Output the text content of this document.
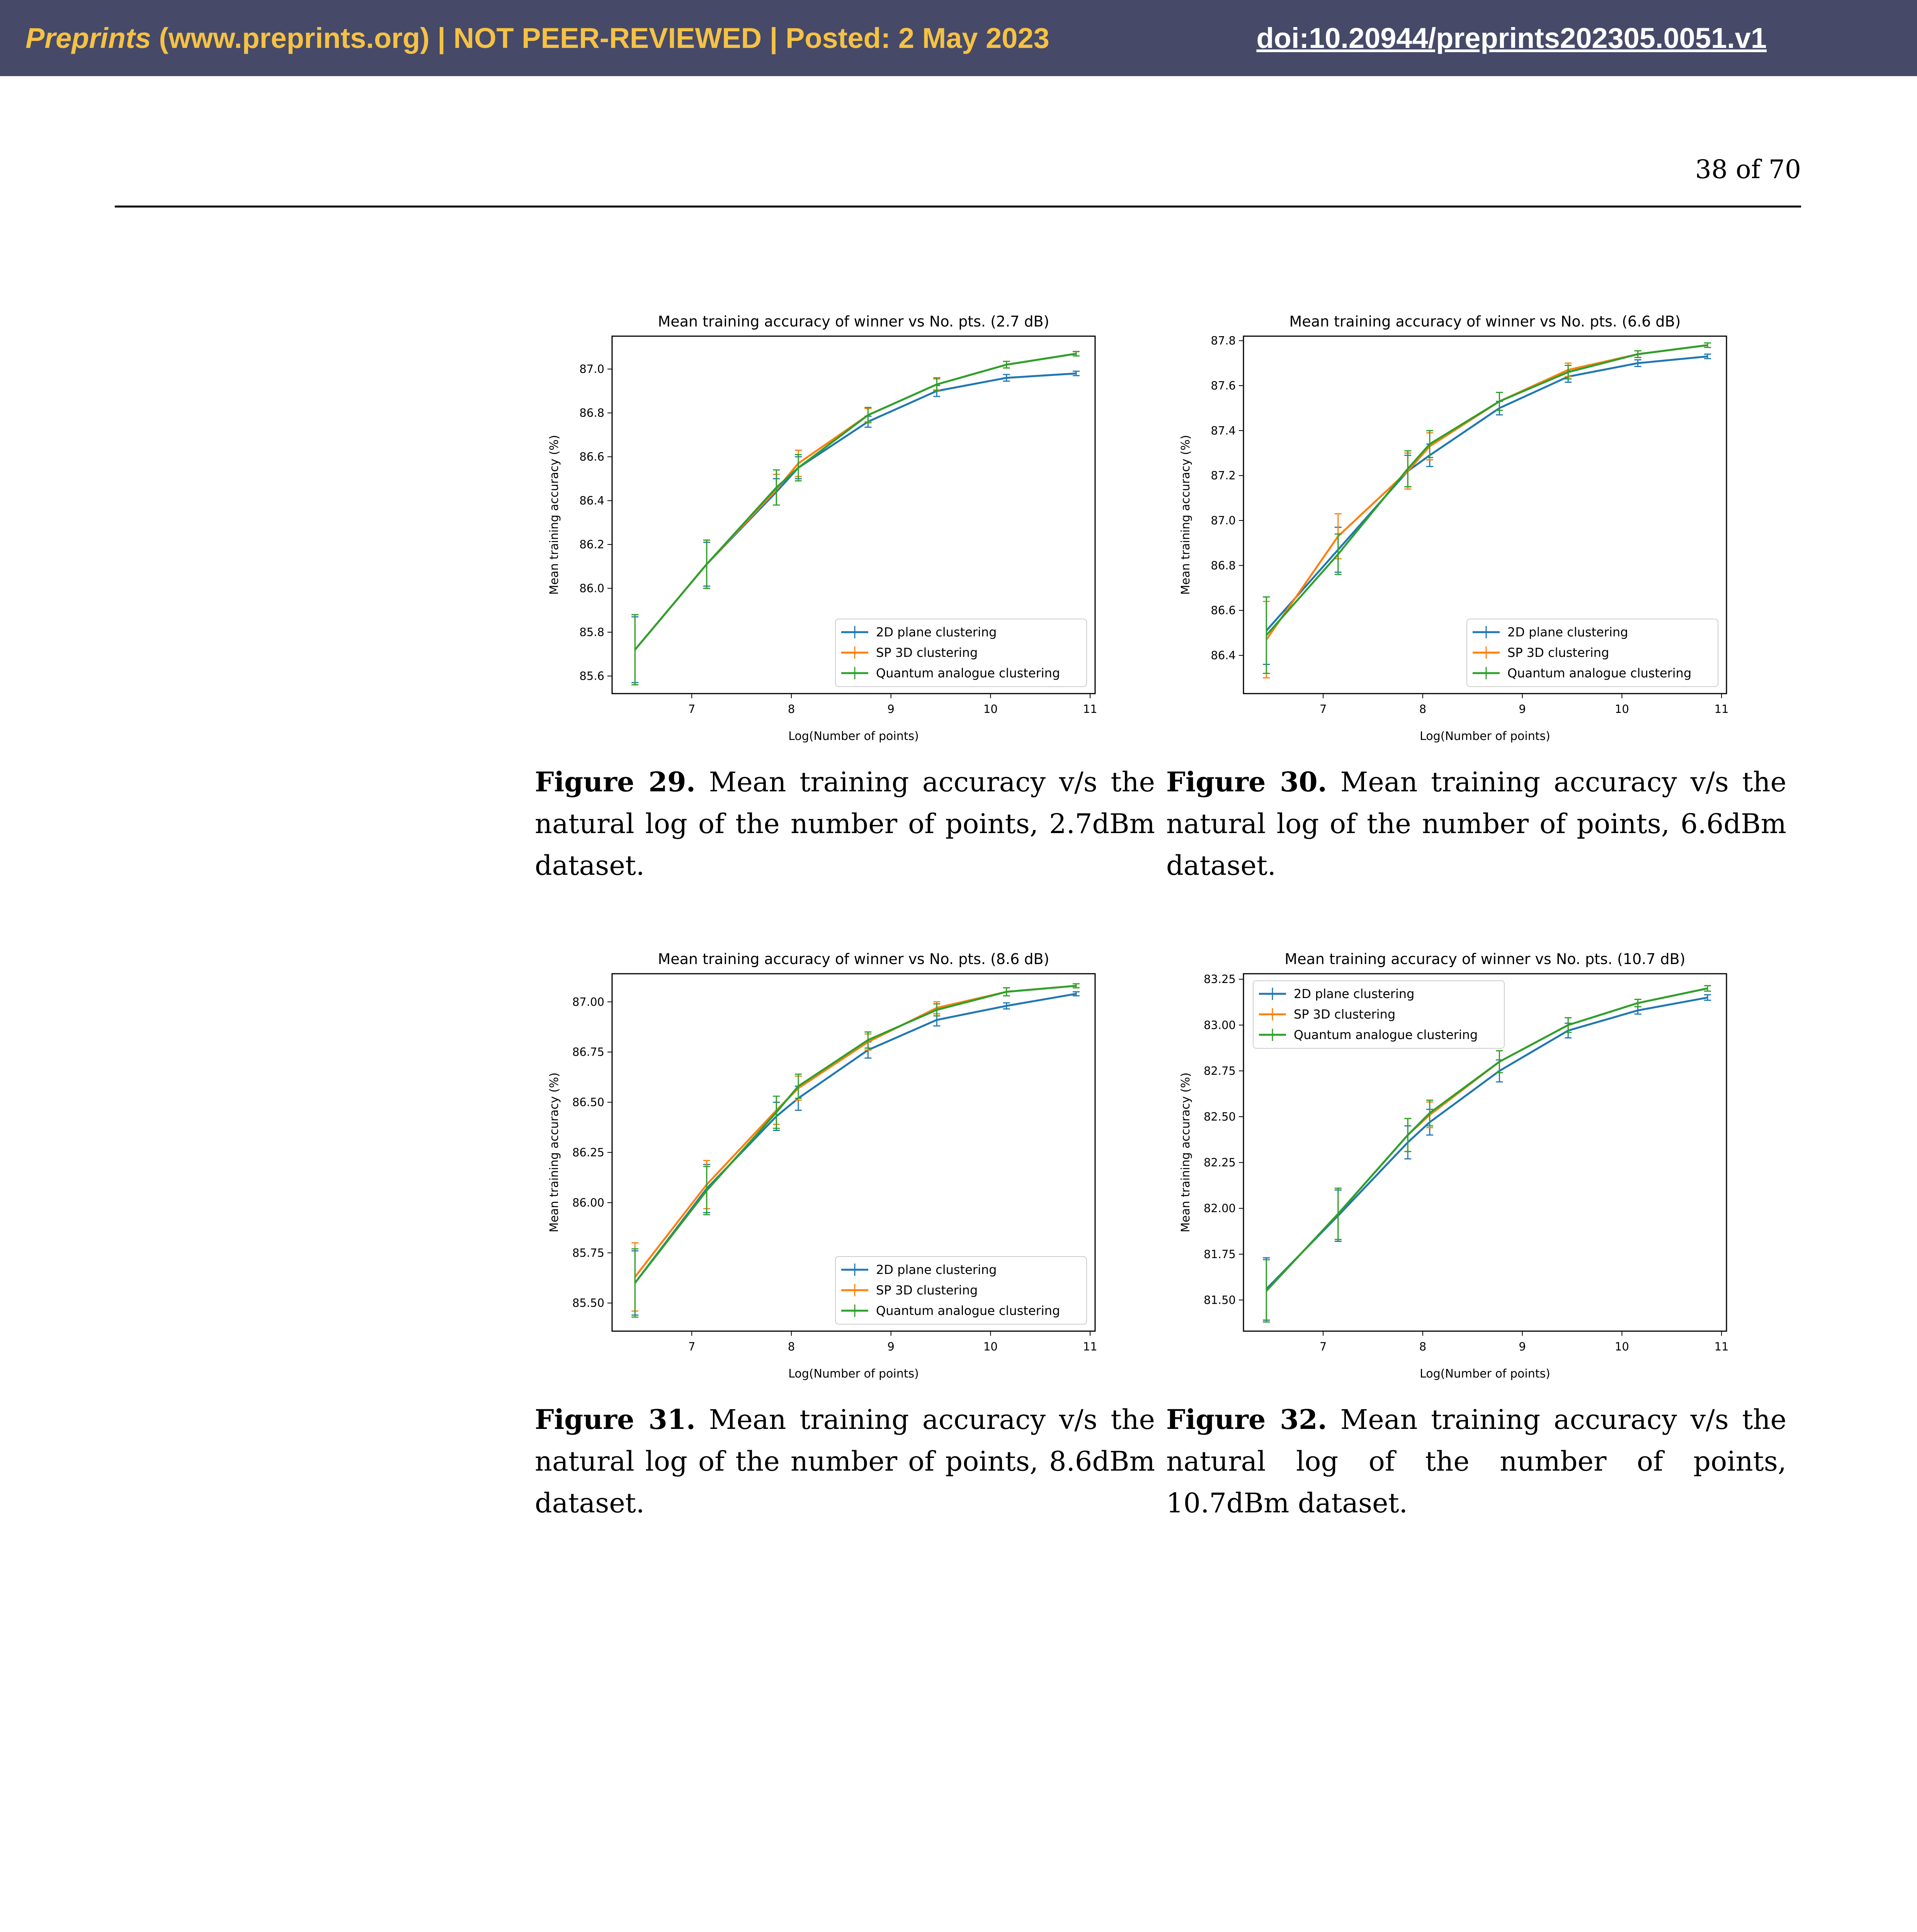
Preprints (www.preprints.org) | NOT PEER-REVIEWED | Posted: 2 May 2023	doi:10.20944/preprints202305.0051.v1
38 of 70
Mean training accuracy of winner vs No. pts. (2.7 dB)
Log(Number of points)
Mean training accuracy (%)
7	8	9	10	11
85.6
85.8
86.0
86.2
86.4
86.6
86.8
87.0
2D plane clustering
SP 3D clustering
Quantum analogue clustering
Figure 29. Mean training accuracy v/s the natural log of the number of points, 2.7dBm dataset.
Mean training accuracy of winner vs No. pts. (6.6 dB)
Log(Number of points)
Mean training accuracy (%)
7	8	9	10	11
86.4
86.6
86.8
87.0
87.2
87.4
87.6
87.8
2D plane clustering
SP 3D clustering
Quantum analogue clustering
Figure 30. Mean training accuracy v/s the natural log of the number of points, 6.6dBm dataset.
Mean training accuracy of winner vs No. pts. (8.6 dB)
Log(Number of points)
Mean training accuracy (%)
7	8	9	10	11
85.50
85.75
86.00
86.25
86.50
86.75
87.00
2D plane clustering
SP 3D clustering
Quantum analogue clustering
Figure 31. Mean training accuracy v/s the natural log of the number of points, 8.6dBm dataset.
Mean training accuracy of winner vs No. pts. (10.7 dB)
Log(Number of points)
Mean training accuracy (%)
7	8	9	10	11
81.50
81.75
82.00
82.25
82.50
82.75
83.00
83.25
2D plane clustering
SP 3D clustering
Quantum analogue clustering
Figure 32. Mean training accuracy v/s the natural log of the number of points, 10.7dBm dataset.
